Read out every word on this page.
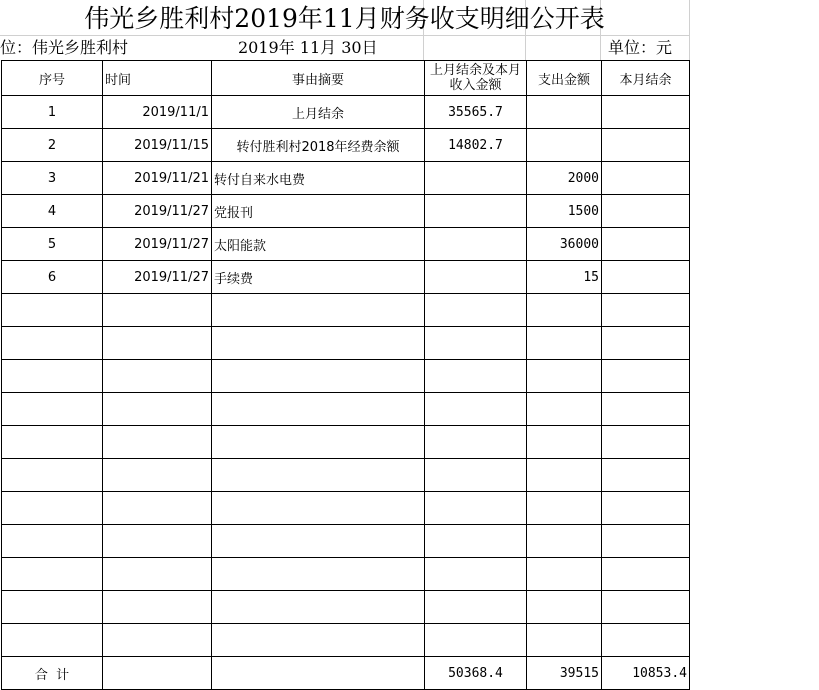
伟光乡胜利村2019年11月财务收支明细公开表
位：伟光乡胜利村	2019年 11月 30日	单位：元
序号	时间	事由摘要	上月结余及本月 收入金额	支出金额	本月结余
1	2019/11/1	上月结余	35565.7		
2	2019/11/15	转付胜利村2018年经费余额	14802.7		
3	2019/11/21	转付自来水电费		2000	
4	2019/11/27	党报刊		1500	
5	2019/11/27	太阳能款		36000	
6	2019/11/27	手续费		15	

合  计			50368.4	39515	10853.4
